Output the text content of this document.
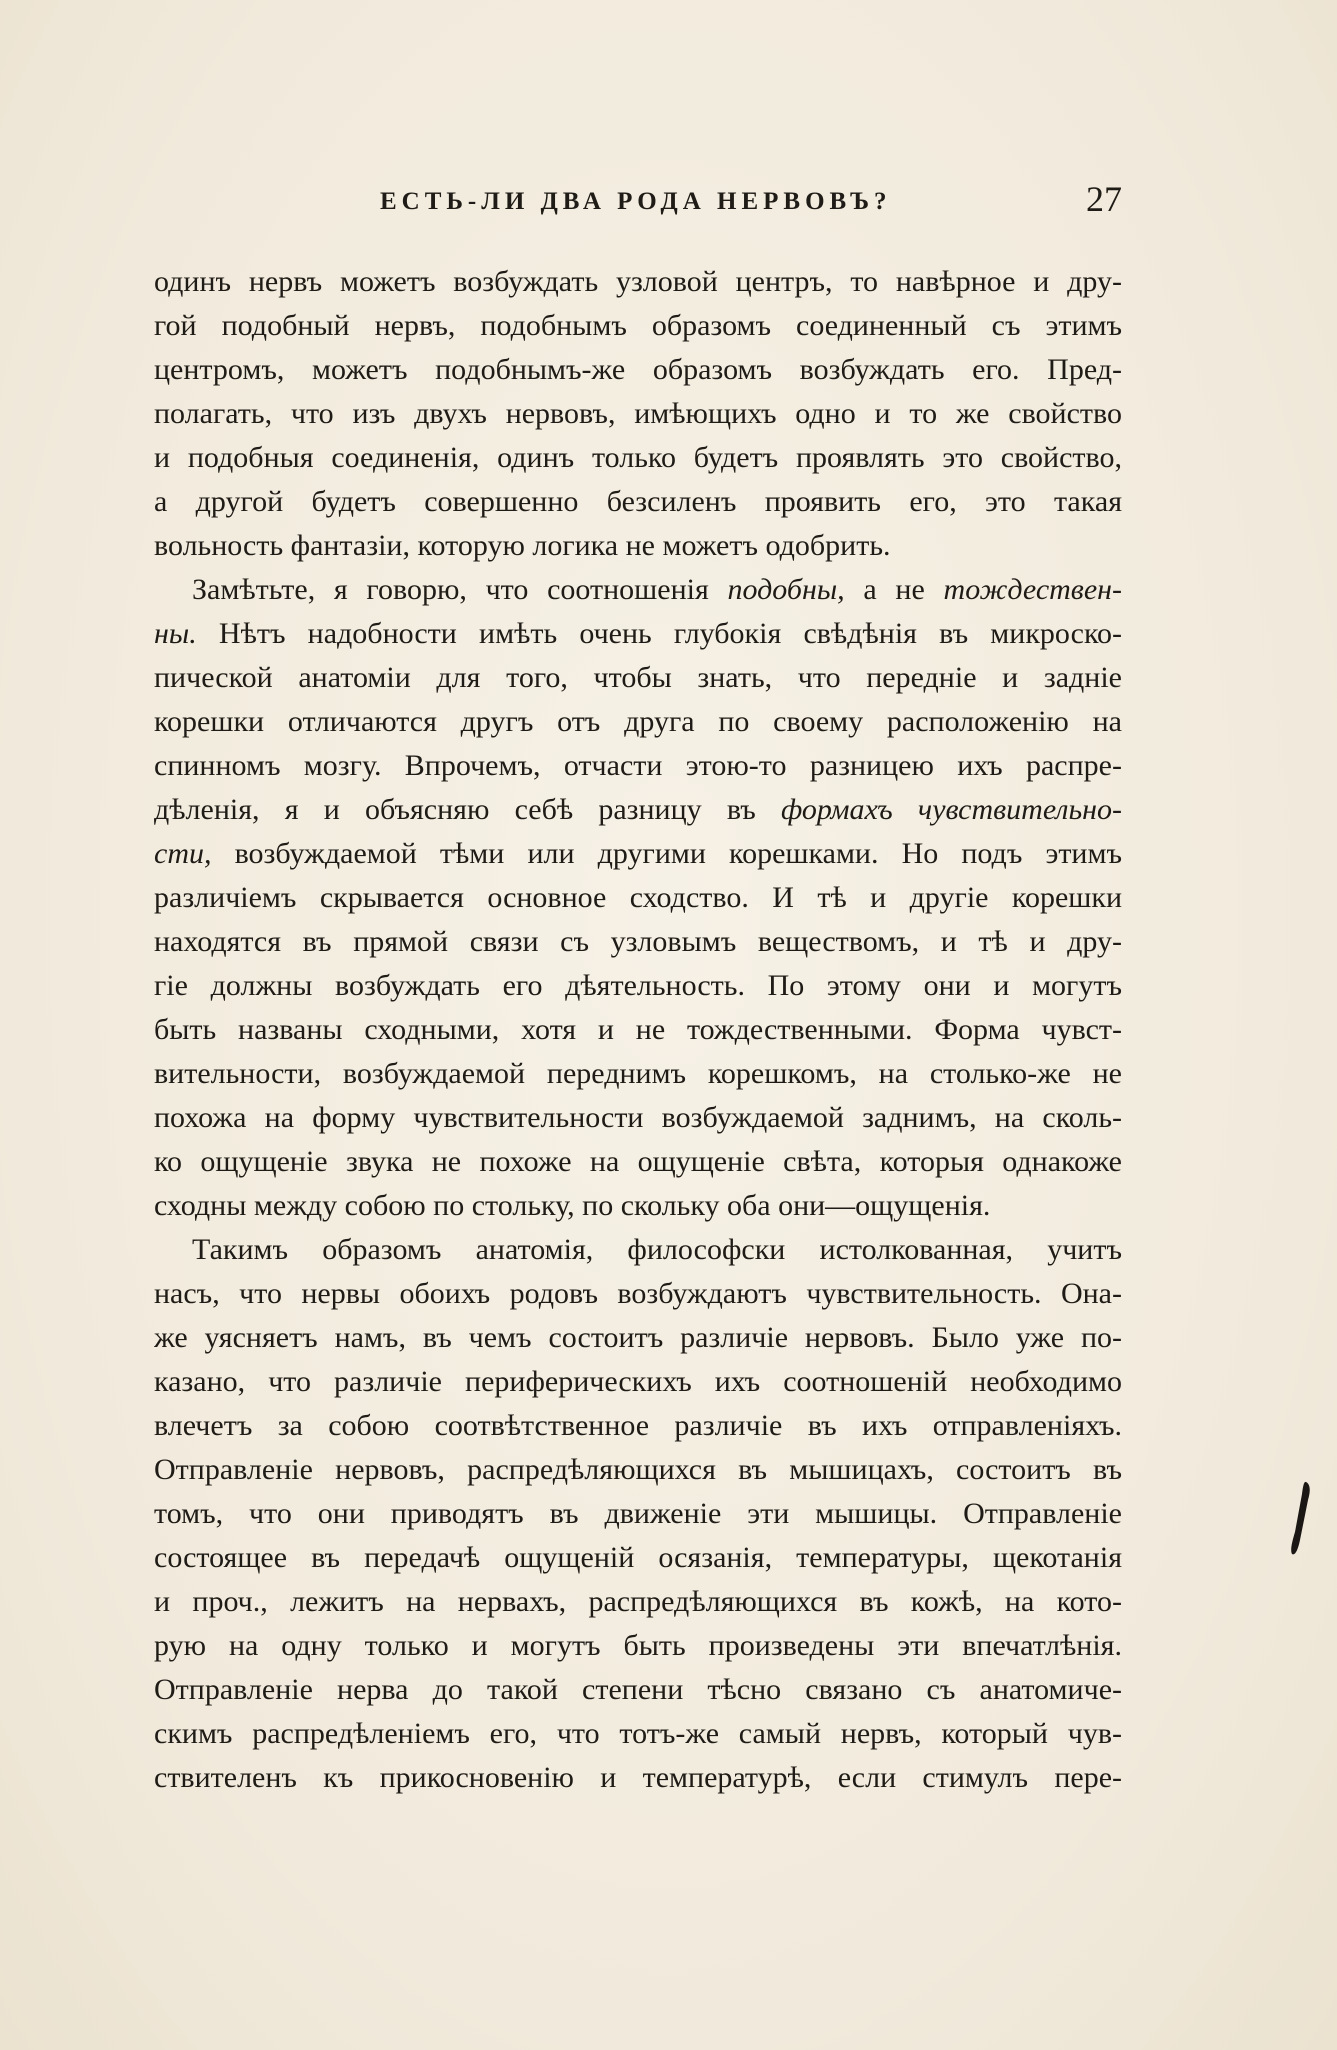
ЕСТЬ-ЛИ ДВА РОДА НЕРВОВЪ?	27
одинъ нервъ можетъ возбуждать узловой центръ, то навѣрное и дру-
гой подобный нервъ, подобнымъ образомъ соединенный съ этимъ
центромъ, можетъ подобнымъ-же образомъ возбуждать его. Пред-
полагать, что изъ двухъ нервовъ, имѣющихъ одно и то же свойство
и подобныя соединенія, одинъ только будетъ проявлять это свойство,
а другой будетъ совершенно безсиленъ проявить его, это такая
вольность фантазіи, которую логика не можетъ одобрить.
Замѣтьте, я говорю, что соотношенія подобны, а не тождествен-
ны. Нѣтъ надобности имѣть очень глубокія свѣдѣнія въ микроско-
пической анатоміи для того, чтобы знать, что передніе и задніе
корешки отличаются другъ отъ друга по своему расположенію на
спинномъ мозгу. Впрочемъ, отчасти этою-то разницею ихъ распре-
дѣленія, я и объясняю себѣ разницу въ формахъ чувствительно-
сти, возбуждаемой тѣми или другими корешками. Но подъ этимъ
различіемъ скрывается основное сходство. И тѣ и другіе корешки
находятся въ прямой связи съ узловымъ веществомъ, и тѣ и дру-
гіе должны возбуждать его дѣятельность. По этому они и могутъ
быть названы сходными, хотя и не тождественными. Форма чувст-
вительности, возбуждаемой переднимъ корешкомъ, на столько-же не
похожа на форму чувствительности возбуждаемой заднимъ, на сколь-
ко ощущеніе звука не похоже на ощущеніе свѣта, которыя однакоже
сходны между собою по стольку, по скольку оба они—ощущенія.
Такимъ образомъ анатомія, философски истолкованная, учитъ
насъ, что нервы обоихъ родовъ возбуждаютъ чувствительность. Она-
же уясняетъ намъ, въ чемъ состоитъ различіе нервовъ. Было уже по-
казано, что различіе периферическихъ ихъ соотношеній необходимо
влечетъ за собою соотвѣтственное различіе въ ихъ отправленіяхъ.
Отправленіе нервовъ, распредѣляющихся въ мышицахъ, состоитъ въ
томъ, что они приводятъ въ движеніе эти мышицы. Отправленіе
состоящее въ передачѣ ощущеній осязанія, температуры, щекотанія
и проч., лежитъ на нервахъ, распредѣляющихся въ кожѣ, на кото-
рую на одну только и могутъ быть произведены эти впечатлѣнія.
Отправленіе нерва до такой степени тѣсно связано съ анатомиче-
скимъ распредѣленіемъ его, что тотъ-же самый нервъ, который чув-
ствителенъ къ прикосновенію и температурѣ, если стимулъ пере-
